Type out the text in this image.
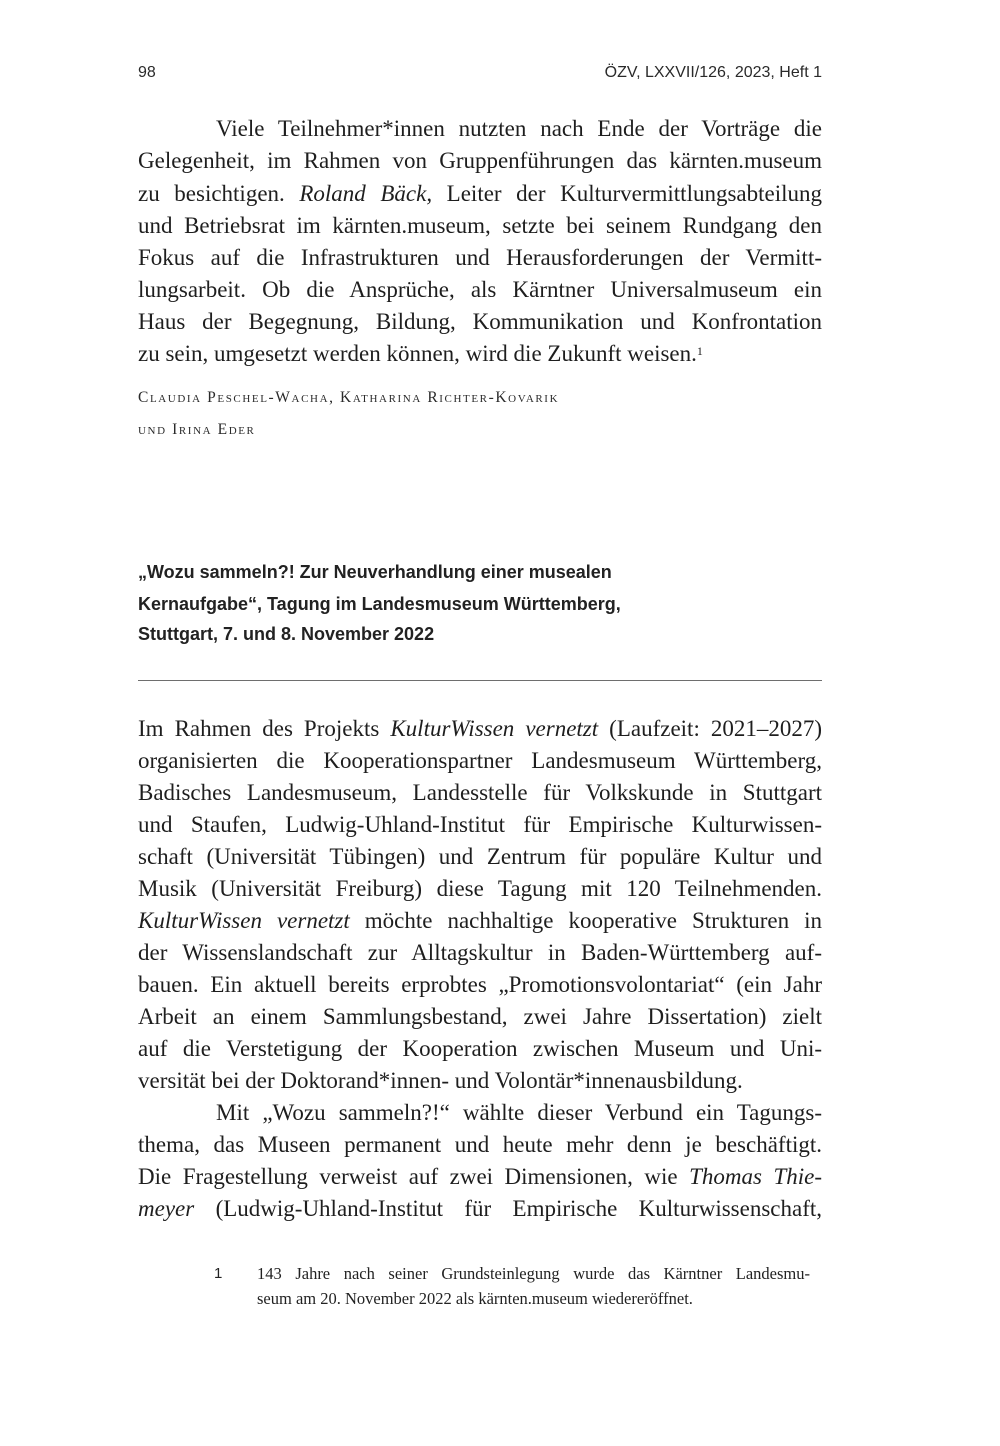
98	ÖZV, LXXVII/126, 2023, Heft 1
Viele Teilnehmer*innen nutzten nach Ende der Vorträge die
Gelegenheit, im Rahmen von Gruppenführungen das kärnten.museum
zu besichtigen. Roland Bäck, Leiter der Kulturvermittlungsabteilung
und Betriebsrat im kärnten.museum, setzte bei seinem Rundgang den
Fokus auf die Infrastrukturen und Herausforderungen der Vermitt-
lungsarbeit. Ob die Ansprüche, als Kärntner Universalmuseum ein
Haus der Begegnung, Bildung, Kommunikation und Konfrontation
zu sein, umgesetzt werden können, wird die Zukunft weisen.$^1$
Claudia Peschel-Wacha, Katharina Richter-Kovarik
und Irina Eder
„Wozu sammeln?! Zur Neuverhandlung einer musealen
Kernaufgabe“, Tagung im Landesmuseum Württemberg,
Stuttgart, 7. und 8. November 2022
Im Rahmen des Projekts KulturWissen vernetzt (Laufzeit: 2021–2027)
organisierten die Kooperationspartner Landesmuseum Württemberg,
Badisches Landesmuseum, Landesstelle für Volkskunde in Stuttgart
und Staufen, Ludwig-Uhland-Institut für Empirische Kulturwissen-
schaft (Universität Tübingen) und Zentrum für populäre Kultur und
Musik (Universität Freiburg) diese Tagung mit 120 Teilnehmenden.
KulturWissen vernetzt möchte nachhaltige kooperative Strukturen in
der Wissenslandschaft zur Alltagskultur in Baden-Württemberg auf-
bauen. Ein aktuell bereits erprobtes „Promotionsvolontariat“ (ein Jahr
Arbeit an einem Sammlungsbestand, zwei Jahre Dissertation) zielt
auf die Verstetigung der Kooperation zwischen Museum und Uni-
versität bei der Doktorand*innen- und Volontär*innenausbildung.
Mit „Wozu sammeln?!“ wählte dieser Verbund ein Tagungs-
thema, das Museen permanent und heute mehr denn je beschäftigt.
Die Fragestellung verweist auf zwei Dimensionen, wie Thomas Thie-
meyer (Ludwig-Uhland-Institut für Empirische Kulturwissenschaft,
1 143 Jahre nach seiner Grundsteinlegung wurde das Kärntner Landesmu-
seum am 20. November 2022 als kärnten.museum wiedereröffnet.
